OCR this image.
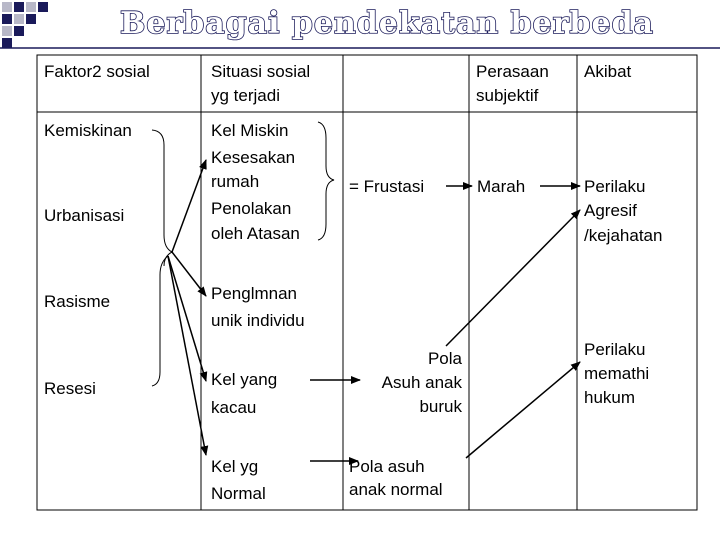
Berbagai pendekatan berbeda
Faktor2 sosial	Situasi sosial
yg terjadi
Perasaan
subjektif
Akibat
Kemiskinan
Urbanisasi
Rasisme
Resesi
Kel Miskin
Kesesakan
rumah
Penolakan
oleh Atasan
Penglmnan
unik individu
Kel yang
kacau
Kel yg
Normal
= Frustasi
Pola
Asuh anak
buruk
Pola asuh
anak normal
Marah	Perilaku
Agresif
/kejahatan
Perilaku
memathi
hukum
